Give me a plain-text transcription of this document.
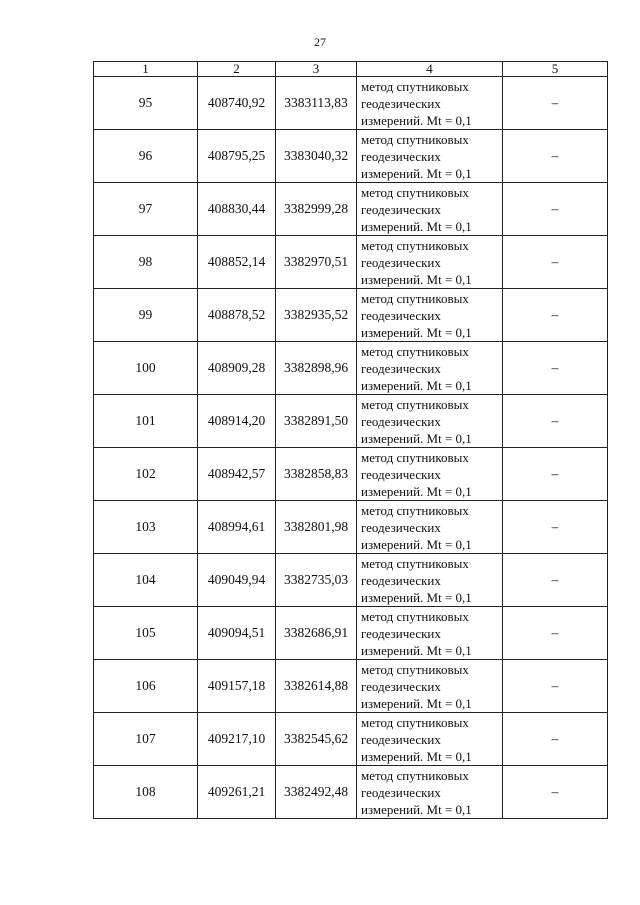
27
1	2	3	4	5
95	408740,92	3383113,83	метод спутниковых
геодезических
измерений. Mt = 0,1	–
96	408795,25	3383040,32	метод спутниковых
геодезических
измерений. Mt = 0,1	–
97	408830,44	3382999,28	метод спутниковых
геодезических
измерений. Mt = 0,1	–
98	408852,14	3382970,51	метод спутниковых
геодезических
измерений. Mt = 0,1	–
99	408878,52	3382935,52	метод спутниковых
геодезических
измерений. Mt = 0,1	–
100	408909,28	3382898,96	метод спутниковых
геодезических
измерений. Mt = 0,1	–
101	408914,20	3382891,50	метод спутниковых
геодезических
измерений. Mt = 0,1	–
102	408942,57	3382858,83	метод спутниковых
геодезических
измерений. Mt = 0,1	–
103	408994,61	3382801,98	метод спутниковых
геодезических
измерений. Mt = 0,1	–
104	409049,94	3382735,03	метод спутниковых
геодезических
измерений. Mt = 0,1	–
105	409094,51	3382686,91	метод спутниковых
геодезических
измерений. Mt = 0,1	–
106	409157,18	3382614,88	метод спутниковых
геодезических
измерений. Mt = 0,1	–
107	409217,10	3382545,62	метод спутниковых
геодезических
измерений. Mt = 0,1	–
108	409261,21	3382492,48	метод спутниковых
геодезических
измерений. Mt = 0,1	–
